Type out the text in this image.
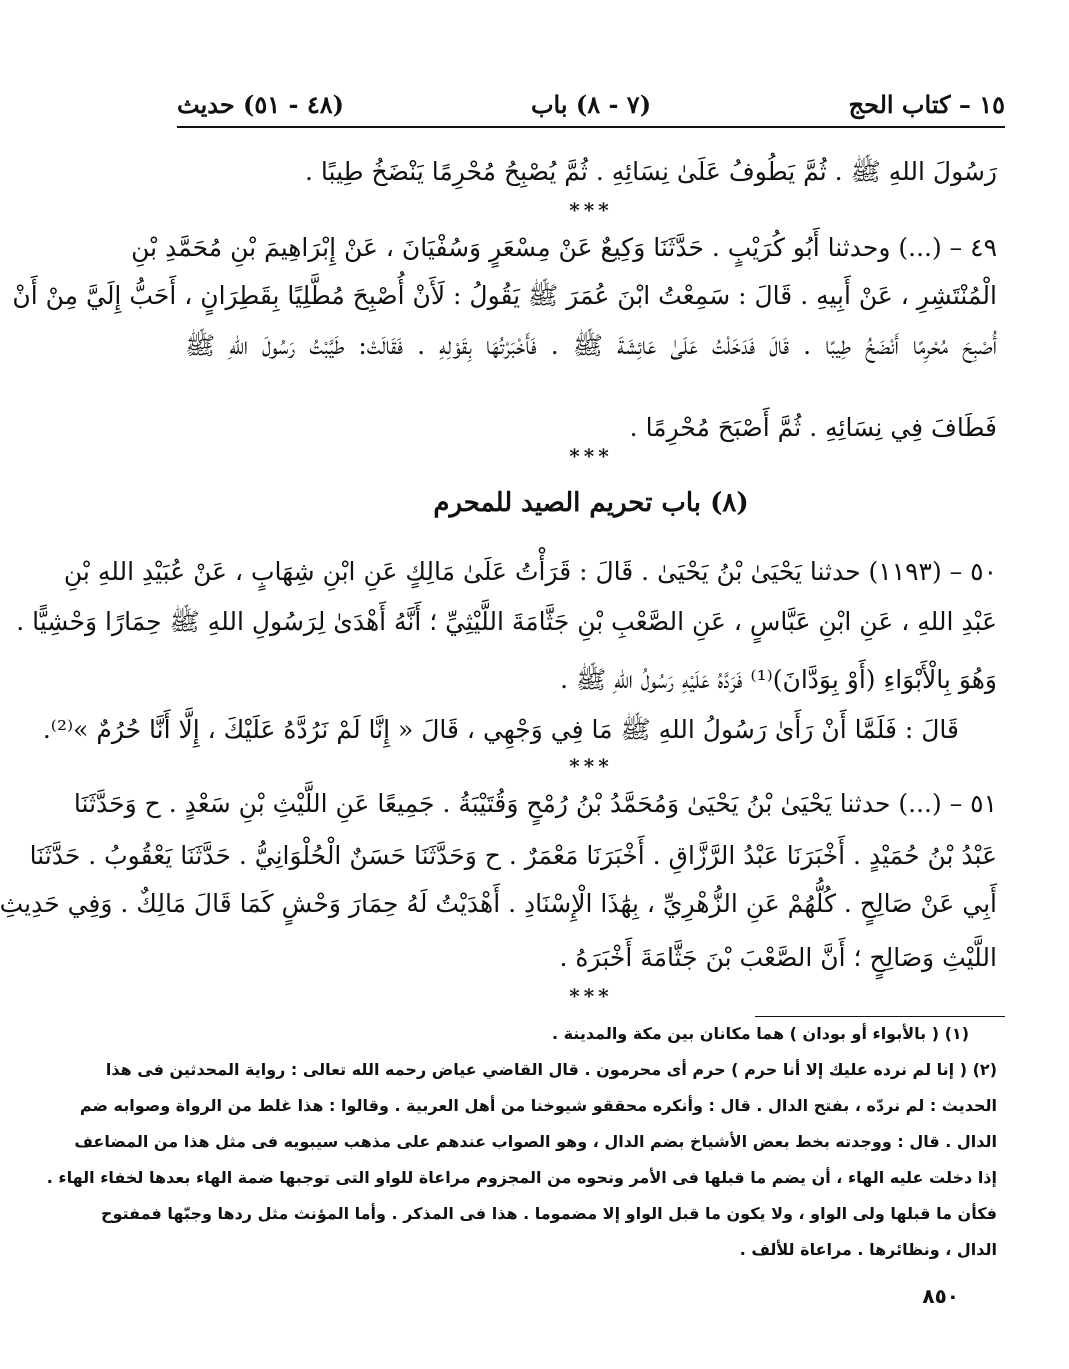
١٥ – كتاب الحج
(٧ - ٨) باب
(٤٨ - ٥١) حديث
رَسُولَ اللهِ ﷺ . ثُمَّ يَطُوفُ عَلَىٰ نِسَائِهِ . ثُمَّ يُصْبِحُ مُحْرِمًا يَنْضَخُ طِيبًا .
***
٤٩ – (...) وحدثنا أَبُو كُرَيْبٍ . حَدَّثَنَا وَكِيعٌ عَنْ مِسْعَرٍ وَسُفْيَانَ ، عَنْ إِبْرَاهِيمَ بْنِ مُحَمَّدِ بْنِ
الْمُنْتَشِرِ ، عَنْ أَبِيهِ . قَالَ : سَمِعْتُ ابْنَ عُمَرَ ﷺ يَقُولُ : لَأَنْ أُصْبِحَ مُطَّلِيًا بِقَطِرَانٍ ، أَحَبُّ إِلَيَّ مِنْ أَنْ
أُصْبِحَ مُحْرِمًا أَنْضَخُ طِيبًا . قَالَ فَدَخَلْتُ عَلَىٰ عَائِشَةَ ﷺ . فَأَخْبَرْتُهَا بِقَوْلِهِ . فَقَالَتْ: طَيَّبْتُ رَسُولَ اللهِ ﷺ
فَطَافَ فِي نِسَائِهِ . ثُمَّ أَصْبَحَ مُحْرِمًا .
***
(٨) باب تحريم الصيد للمحرم
٥٠ – (١١٩٣) حدثنا يَحْيَىٰ بْنُ يَحْيَىٰ . قَالَ : قَرَأْتُ عَلَىٰ مَالِكٍ عَنِ ابْنِ شِهَابٍ ، عَنْ عُبَيْدِ اللهِ بْنِ
عَبْدِ اللهِ ، عَنِ ابْنِ عَبَّاسٍ ، عَنِ الصَّعْبِ بْنِ جَثَّامَةَ اللَّيْثِيِّ ؛ أَنَّهُ أَهْدَىٰ لِرَسُولِ اللهِ ﷺ حِمَارًا وَحْشِيًّا .
وَهُوَ بِالْأَبْوَاءِ (أَوْ بِوَدَّانَ)⁽¹⁾ فَرَدَّهُ عَلَيْهِ رَسُولُ اللهِ ﷺ .
قَالَ : فَلَمَّا أَنْ رَأَىٰ رَسُولُ اللهِ ﷺ مَا فِي وَجْهِي ، قَالَ « إِنَّا لَمْ نَرُدَّهُ عَلَيْكَ ، إِلَّا أَنَّا حُرُمٌ »⁽²⁾.
***
٥١ – (...) حدثنا يَحْيَىٰ بْنُ يَحْيَىٰ وَمُحَمَّدُ بْنُ رُمْحٍ وَقُتَيْبَةُ . جَمِيعًا عَنِ اللَّيْثِ بْنِ سَعْدٍ . ح وَحَدَّثَنَا
عَبْدُ بْنُ حُمَيْدٍ . أَخْبَرَنَا عَبْدُ الرَّزَّاقِ . أَخْبَرَنَا مَعْمَرٌ . ح وَحَدَّثَنَا حَسَنٌ الْحُلْوَانِيُّ . حَدَّثَنَا يَعْقُوبُ . حَدَّثَنَا
أَبِي عَنْ صَالِحٍ . كُلُّهُمْ عَنِ الزُّهْرِيِّ ، بِهَٰذَا الْإِسْنَادِ . أَهْدَيْتُ لَهُ حِمَارَ وَحْشٍ كَمَا قَالَ مَالِكٌ . وَفِي حَدِيثِ
اللَّيْثِ وَصَالِحٍ ؛ أَنَّ الصَّعْبَ بْنَ جَثَّامَةَ أَخْبَرَهُ .
***
(١) ( بالأبواء أو بودان ) هما مكانان بين مكة والمدينة .
(٢) ( إنا لم نرده عليك إلا أنا حرم ) حرم أى محرمون . قال القاضي عياض رحمه الله تعالى : رواية المحدثين فى هذا
الحديث : لم نردّه ، بفتح الدال . قال : وأنكره محققو شيوخنا من أهل العربية . وقالوا : هذا غلط من الرواة وصوابه ضم
الدال . قال : ووجدته بخط بعض الأشياخ بضم الدال ، وهو الصواب عندهم على مذهب سيبويه فى مثل هذا من المضاعف
إذا دخلت عليه الهاء ، أن يضم ما قبلها فى الأمر ونحوه من المجزوم مراعاة للواو التى توجبها ضمة الهاء بعدها لخفاء الهاء .
فكأن ما قبلها ولى الواو ، ولا يكون ما قبل الواو إلا مضموما . هذا فى المذكر . وأما المؤنث مثل ردها وجبّها فمفتوح
الدال ، ونظائرها . مراعاة للألف .
٨٥٠
